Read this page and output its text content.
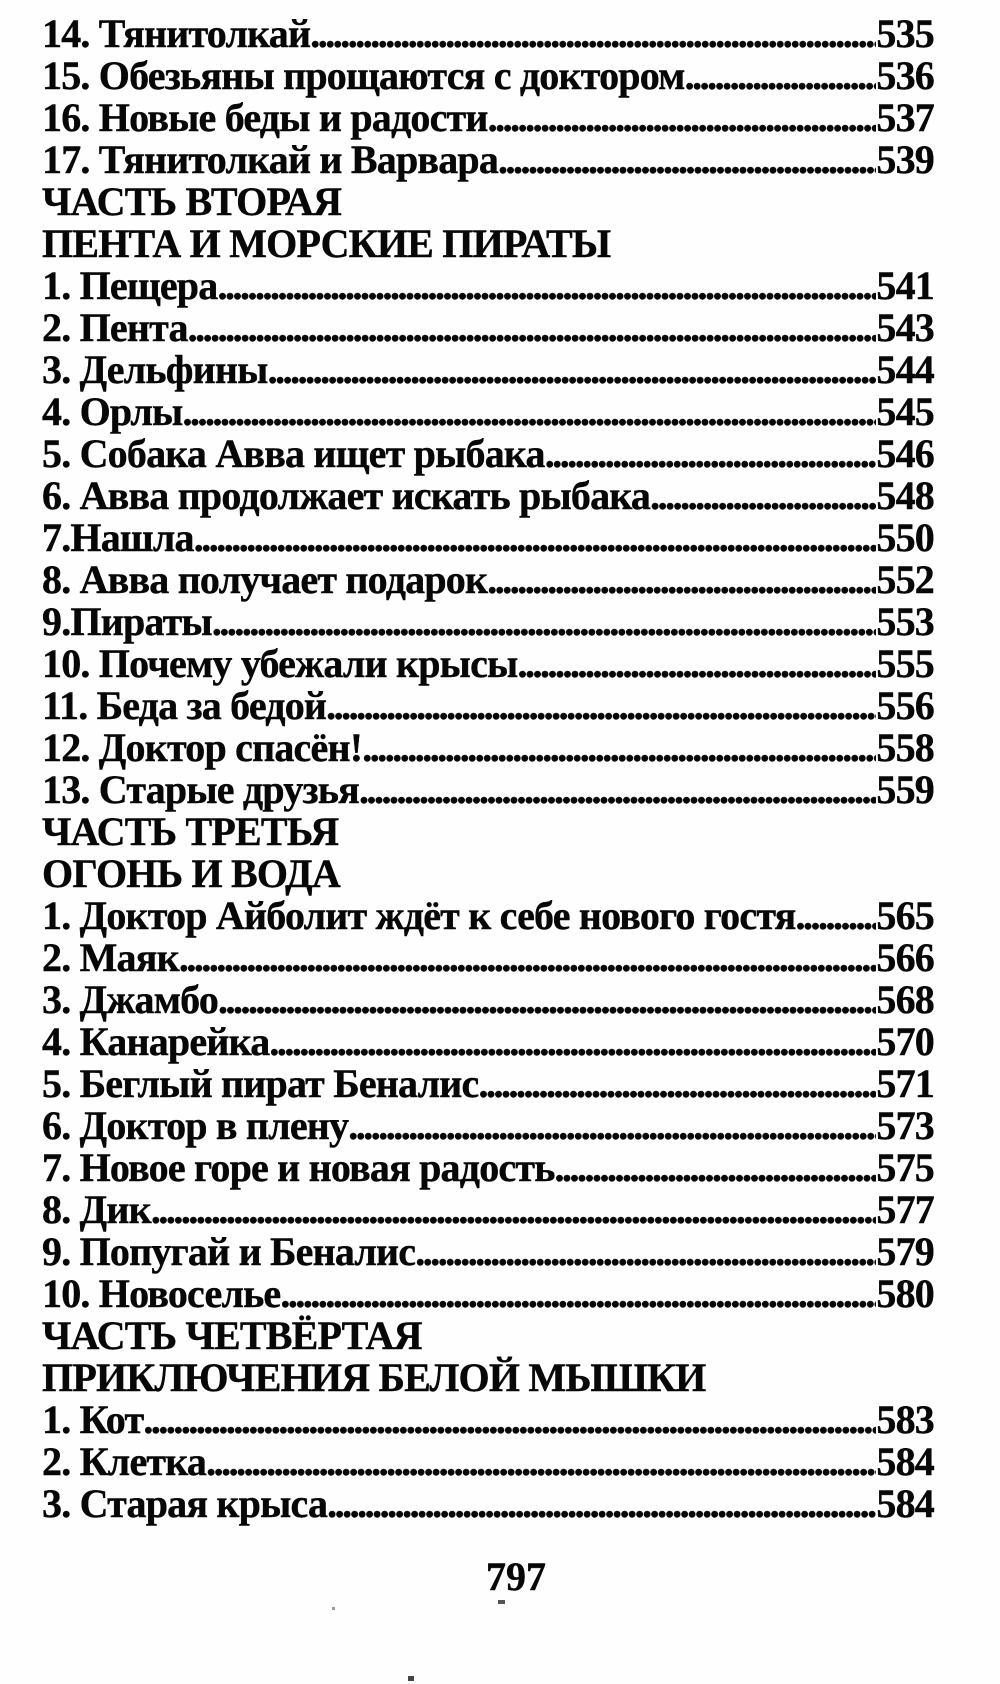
14. Тянитолкай .....	535
15. Обезьяны прощаются с доктором .....	536
16. Новые беды и радости .....	537
17. Тянитолкай и Варвара .....	539
ЧАСТЬ ВТОРАЯ
ПЕНТА И МОРСКИЕ ПИРАТЫ
1. Пещера .....	541
2. Пента .....	543
3. Дельфины .....	544
4. Орлы .....	545
5. Собака Авва ищет рыбака .....	546
6. Авва продолжает искать рыбака .....	548
7.Нашла .....	550
8. Авва получает подарок .....	552
9.Пираты .....	553
10. Почему убежали крысы .....	555
11. Беда за бедой .....	556
12. Доктор спасён! .....	558
13. Старые друзья .....	559
ЧАСТЬ ТРЕТЬЯ
ОГОНЬ И ВОДА
1. Доктор Айболит ждёт к себе нового гостя ..... 565
2. Маяк .....	566
3. Джамбо .....	568
4. Канарейка .....	570
5. Беглый пират Беналис .....	571
6. Доктор в плену .....	573
7. Новое горе и новая радость .....	575
8. Дик .....	577
9. Попугай и Беналис .....	579
10. Новоселье .....	580
ЧАСТЬ ЧЕТВЁРТАЯ
ПРИКЛЮЧЕНИЯ БЕЛОЙ МЫШКИ
1. Кот .....	583
2. Клетка .....	584
3. Старая крыса .....	584
797
